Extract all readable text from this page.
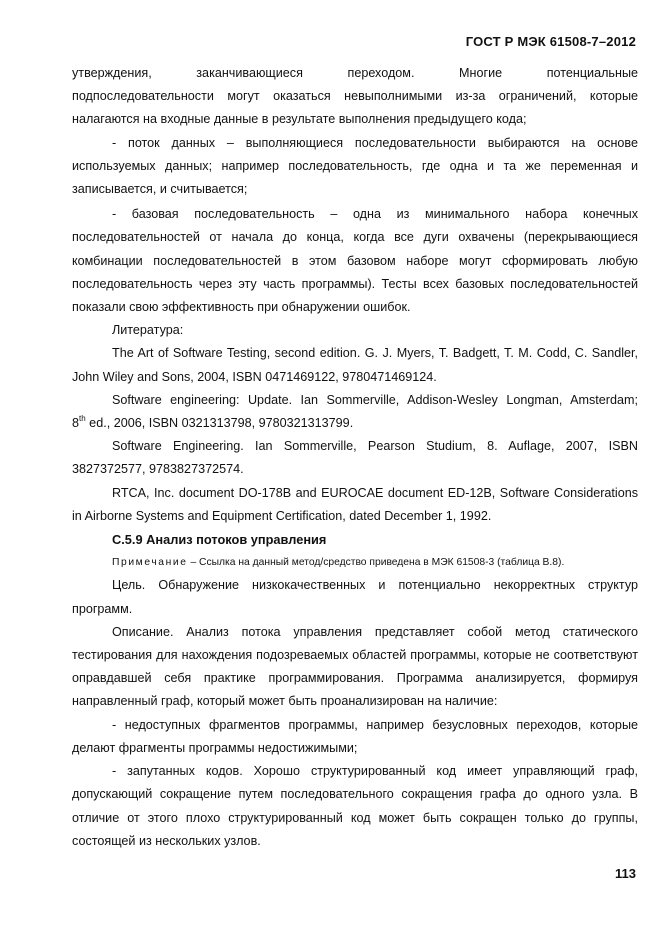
ГОСТ Р МЭК 61508-7–2012

утверждения, заканчивающиеся переходом. Многие потенциальные

подпоследовательности могут оказаться невыполнимыми из-за ограничений, которые налагаются на входные данные в результате выполнения предыдущего кода;

- поток данных – выполняющиеся последовательности выбираются на основе используемых данных; например последовательность, где одна и та же переменная и записывается, и считывается;

- базовая последовательность – одна из минимального набора конечных последовательностей от начала до конца, когда все дуги охвачены (перекрывающиеся комбинации последовательностей в этом базовом наборе могут сформировать любую последовательность через эту часть программы). Тесты всех базовых последовательностей показали свою эффективность при обнаружении ошибок.

Литература:

The Art of Software Testing, second edition. G. J. Myers, T. Badgett, T. M. Codd, C. Sandler, John Wiley and Sons, 2004, ISBN 0471469122, 9780471469124.

Software engineering: Update. Ian Sommerville, Addison-Wesley Longman, Amsterdam;

8th ed., 2006, ISBN 0321313798, 9780321313799.

Software Engineering. Ian Sommerville, Pearson Studium, 8. Auflage, 2007, ISBN 3827372577, 9783827372574.

RTCA, Inc. document DO-178B and EUROCAE document ED-12B, Software Considerations in Airborne Systems and Equipment Certification, dated December 1, 1992.

C.5.9 Анализ потоков управления

Примечание – Ссылка на данный метод/средство приведена в МЭК 61508-3 (таблица B.8).

Цель. Обнаружение низкокачественных и потенциально некорректных структур программ.

Описание. Анализ потока управления представляет собой метод статического тестирования для нахождения подозреваемых областей программы, которые не соответствуют оправдавшей себя практике программирования. Программа анализируется, формируя направленный граф, который может быть проанализирован на наличие:

- недоступных фрагментов программы, например безусловных переходов, которые делают фрагменты программы недостижимыми;

- запутанных кодов. Хорошо структурированный код имеет управляющий граф, допускающий сокращение путем последовательного сокращения графа до одного узла. В отличие от этого плохо структурированный код может быть сокращен только до группы, состоящей из нескольких узлов.

113
